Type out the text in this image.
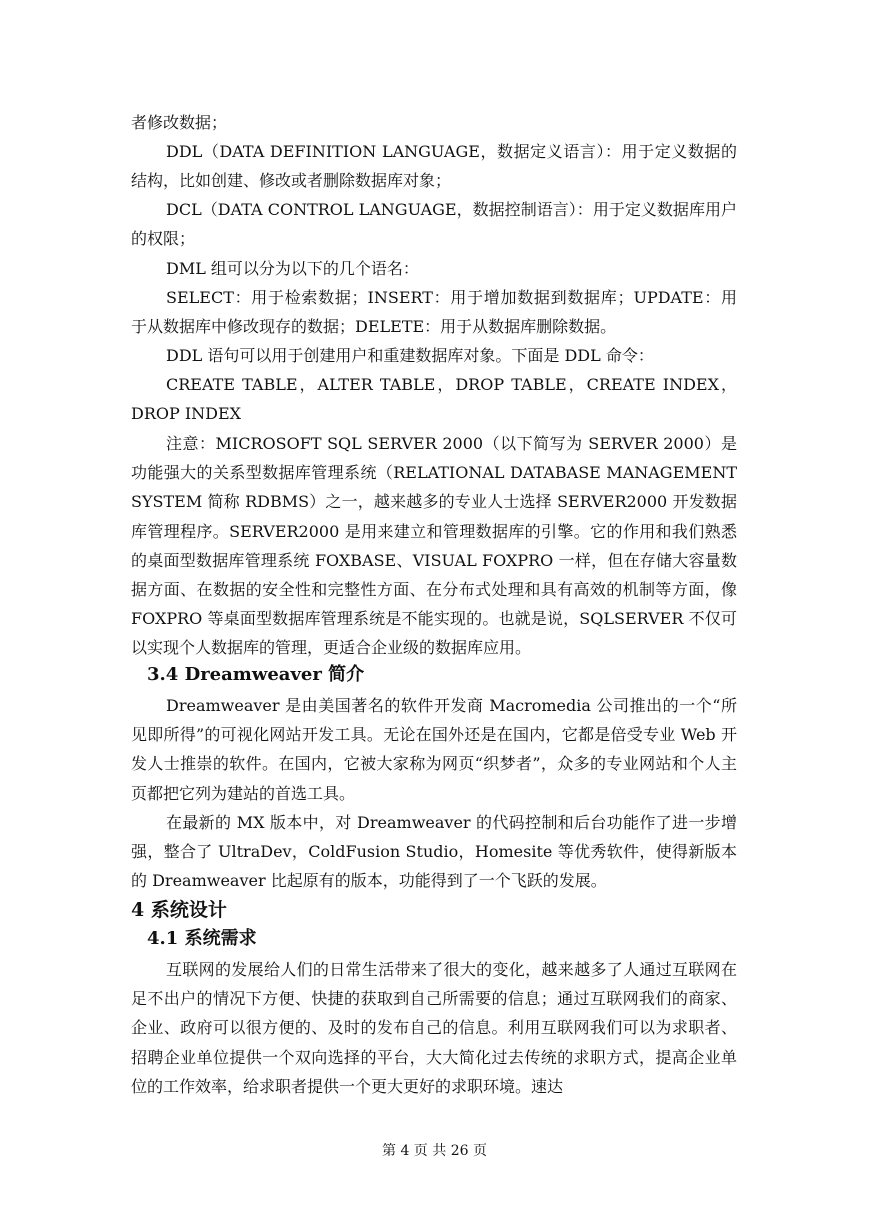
者修改数据；

DDL（DATA DEFINITION LANGUAGE，数据定义语言）：用于定义数据的结构，比如创建、修改或者删除数据库对象；

DCL（DATA CONTROL LANGUAGE，数据控制语言）：用于定义数据库用户的权限；

DML 组可以分为以下的几个语名：

SELECT：用于检索数据；INSERT：用于增加数据到数据库；UPDATE：用于从数据库中修改现存的数据；DELETE：用于从数据库删除数据。

DDL 语句可以用于创建用户和重建数据库对象。下面是 DDL 命令：

CREATE TABLE，ALTER TABLE，DROP TABLE，CREATE INDEX，DROP INDEX

注意：MICROSOFT SQL SERVER 2000（以下简写为 SERVER 2000）是功能强大的关系型数据库管理系统（RELATIONAL DATABASE MANAGEMENT SYSTEM 简称 RDBMS）之一，越来越多的专业人士选择 SERVER2000 开发数据库管理程序。SERVER2000 是用来建立和管理数据库的引擎。它的作用和我们熟悉的桌面型数据库管理系统 FOXBASE、VISUAL FOXPRO 一样，但在存储大容量数据方面、在数据的安全性和完整性方面、在分布式处理和具有高效的机制等方面，像 FOXPRO 等桌面型数据库管理系统是不能实现的。也就是说，SQLSERVER 不仅可以实现个人数据库的管理，更适合企业级的数据库应用。

3.4 Dreamweaver 简介

Dreamweaver 是由美国著名的软件开发商 Macromedia 公司推出的一个“所见即所得”的可视化网站开发工具。无论在国外还是在国内，它都是倍受专业 Web 开发人士推崇的软件。在国内，它被大家称为网页“织梦者”，众多的专业网站和个人主页都把它列为建站的首选工具。

在最新的 MX 版本中，对 Dreamweaver 的代码控制和后台功能作了进一步增强，整合了 UltraDev，ColdFusion Studio，Homesite 等优秀软件，使得新版本的 Dreamweaver 比起原有的版本，功能得到了一个飞跃的发展。

4 系统设计
4.1 系统需求

互联网的发展给人们的日常生活带来了很大的变化，越来越多了人通过互联网在足不出户的情况下方便、快捷的获取到自己所需要的信息；通过互联网我们的商家、企业、政府可以很方便的、及时的发布自己的信息。利用互联网我们可以为求职者、招聘企业单位提供一个双向选择的平台，大大简化过去传统的求职方式，提高企业单位的工作效率，给求职者提供一个更大更好的求职环境。速达

第 4 页 共 26 页
